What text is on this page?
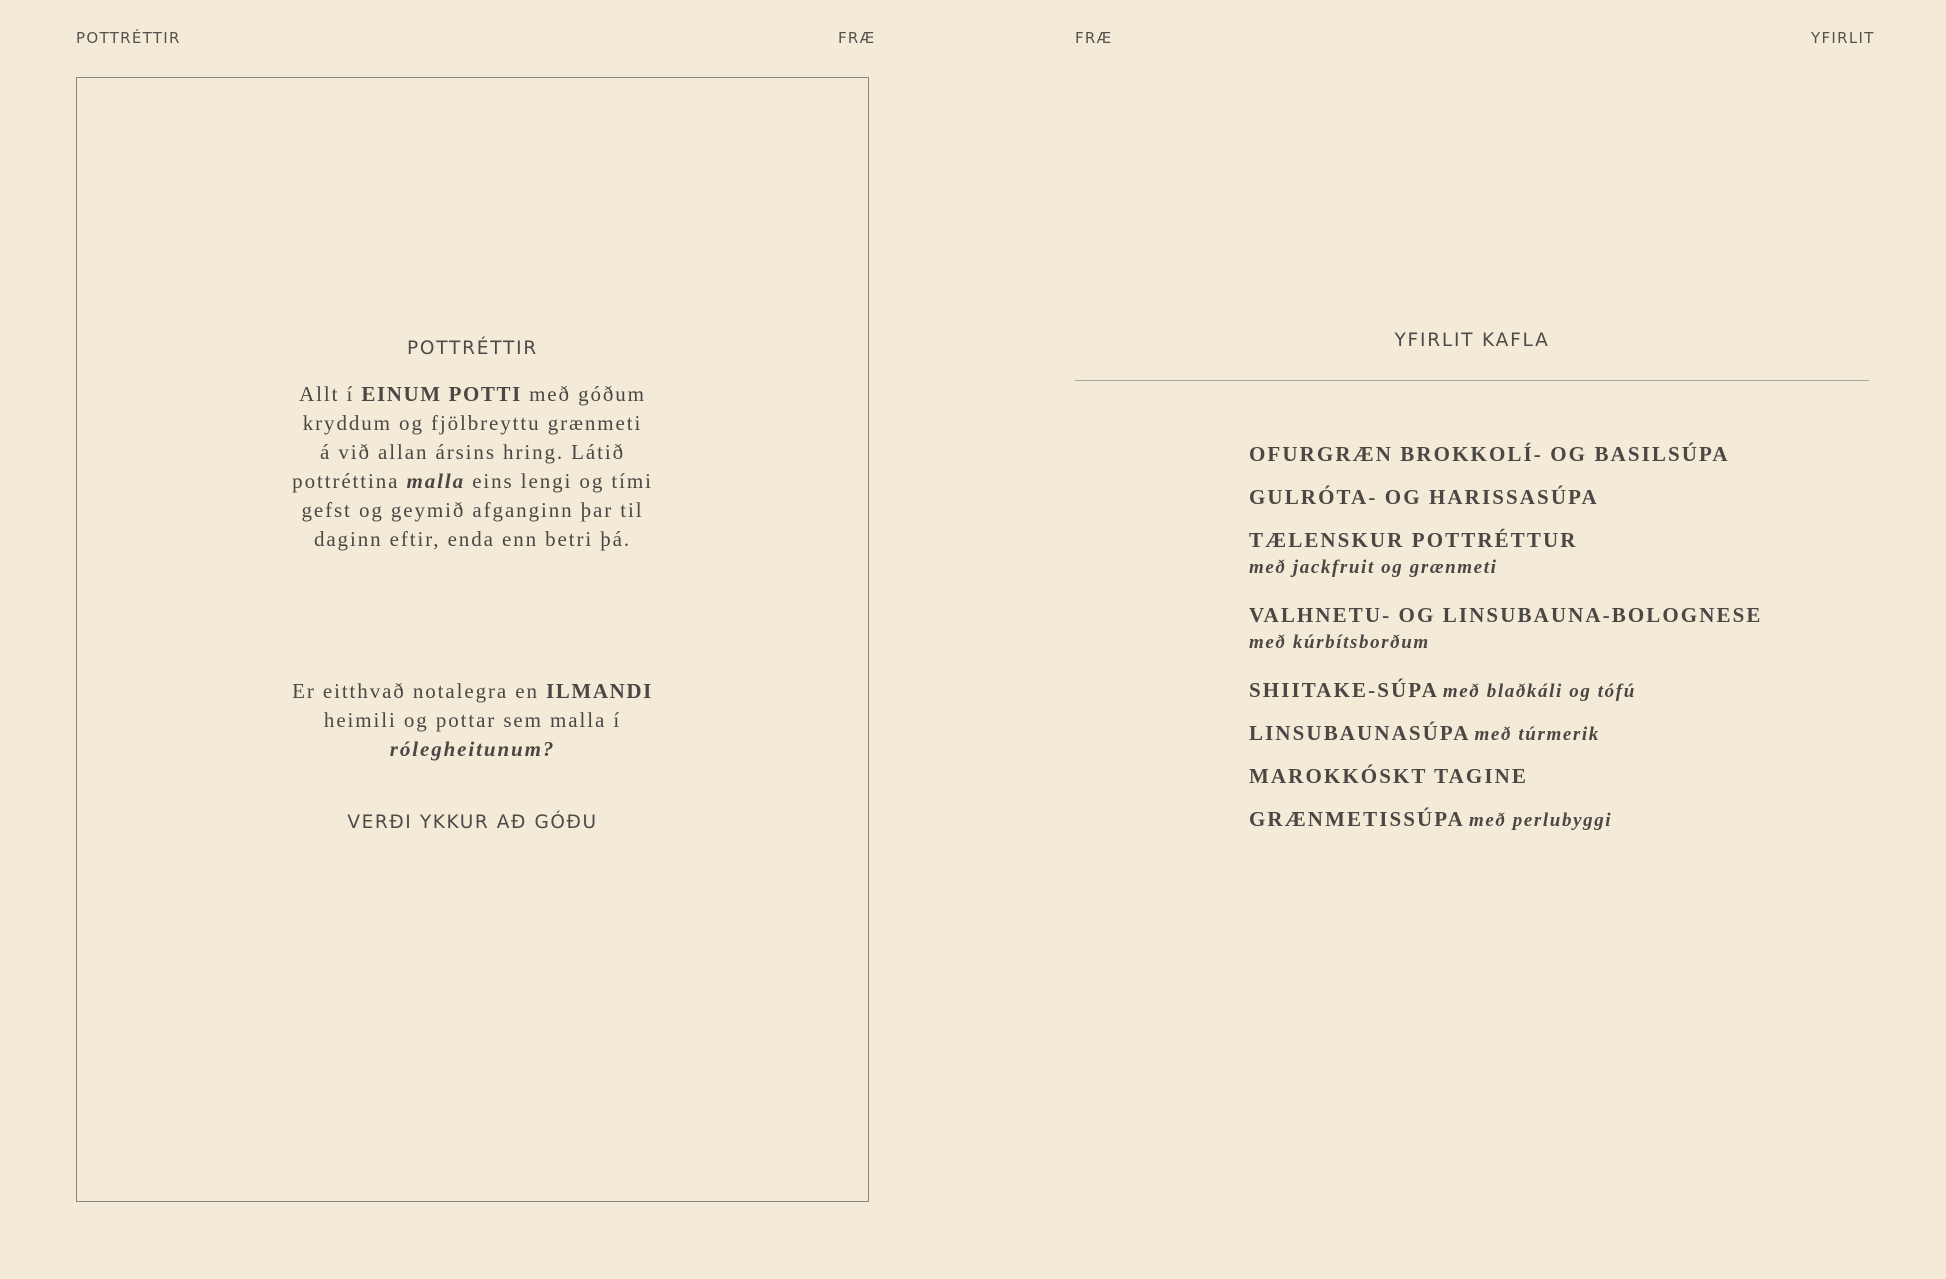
POTTRÉTTIR	FRÆ	FRÆ	YFIRLIT
POTTRÉTTIR
Allt í EINUM POTTI með góðum
kryddum og fjölbreyttu grænmeti
á við allan ársins hring. Látið
pottréttina malla eins lengi og tími
gefst og geymið afganginn þar til
daginn eftir, enda enn betri þá.
Er eitthvað notalegra en ILMANDI
heimili og pottar sem malla í
rólegheitunum?
VERÐI YKKUR AÐ GÓÐU
YFIRLIT KAFLA
OFURGRÆN BROKKOLÍ- OG BASILSÚPA
GULRÓTA- OG HARISSASÚPA
TÆLENSKUR POTTRÉTTUR
með jackfruit og grænmeti
VALHNETU- OG LINSUBAUNA-BOLOGNESE
með kúrbítsborðum
SHIITAKE-SÚPA með blaðkáli og tófú
LINSUBAUNASÚPA með túrmerik
MAROKKÓSKT TAGINE
GRÆNMETISSÚPA með perlubyggi
